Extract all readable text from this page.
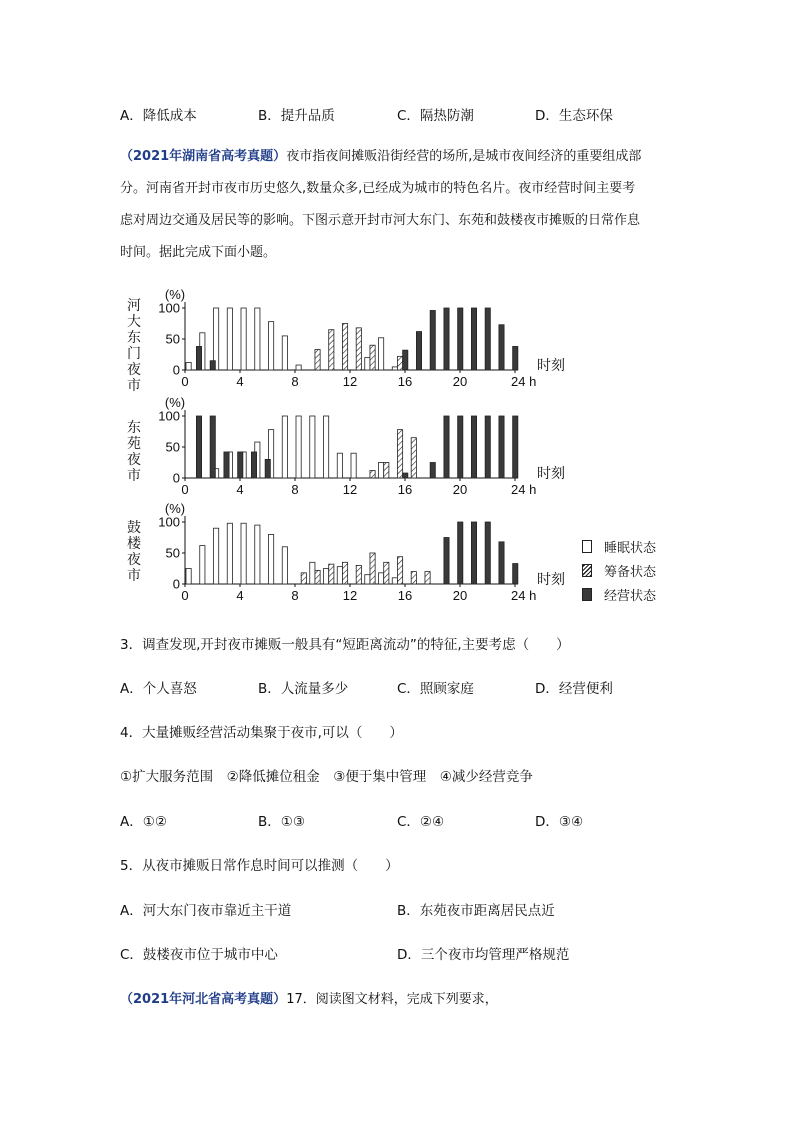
A．降低成本	B．提升品质	C．隔热防潮	D．生态环保
（2021年湖南省高考真题）夜市指夜间摊贩沿街经营的场所,是城市夜间经济的重要组成部
分。河南省开封市夜市历史悠久,数量众多,已经成为城市的特色名片。夜市经营时间主要考
虑对周边交通及居民等的影响。下图示意开封市河大东门、东苑和鼓楼夜市摊贩的日常作息
时间。据此完成下面小题。
河
大
东
门
夜
市
东
苑
夜
市
鼓
楼
夜
市
0
50
100
(%)
0	4	8	12	16	20	24 h
时刻
0
50
100
(%)
0	4	8	12	16	20	24 h
时刻
0
50
100
(%)
0	4	8	12	16	20	24 h
时刻
睡眠状态
筹备状态
经营状态
3．调查发现,开封夜市摊贩一般具有“短距离流动”的特征,主要考虑（　　）
A．个人喜怒	B．人流量多少	C．照顾家庭	D．经营便利
4．大量摊贩经营活动集聚于夜市,可以（　　）
①扩大服务范围　②降低摊位租金　③便于集中管理　④减少经营竞争
A．①②	B．①③	C．②④	D．③④
5．从夜市摊贩日常作息时间可以推测（　　）
A．河大东门夜市靠近主干道	B．东苑夜市距离居民点近
C．鼓楼夜市位于城市中心	D．三个夜市均管理严格规范
（2021年河北省高考真题）17．阅读图文材料，完成下列要求，
